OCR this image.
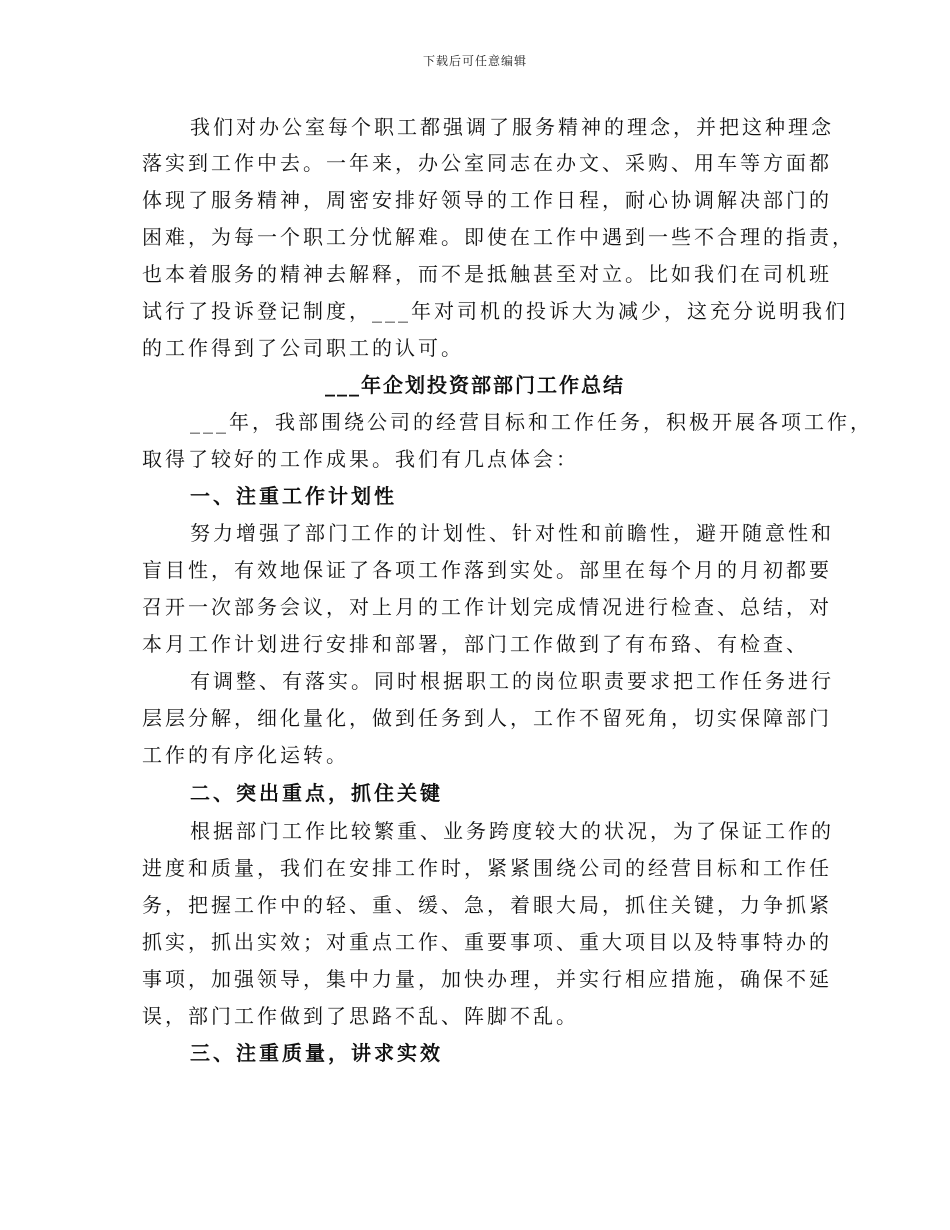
下载后可任意编辑
我们对办公室每个职工都强调了服务精神的理念，并把这种理念
落实到工作中去。一年来，办公室同志在办文、采购、用车等方面都
体现了服务精神，周密安排好领导的工作日程，耐心协调解决部门的
困难，为每一个职工分忧解难。即使在工作中遇到一些不合理的指责，
也本着服务的精神去解释，而不是抵触甚至对立。比如我们在司机班
试行了投诉登记制度，___年对司机的投诉大为减少，这充分说明我们
的工作得到了公司职工的认可。
___年企划投资部部门工作总结
___年，我部围绕公司的经营目标和工作任务，积极开展各项工作，
取得了较好的工作成果。我们有几点体会：
一、注重工作计划性
努力增强了部门工作的计划性、针对性和前瞻性，避开随意性和
盲目性，有效地保证了各项工作落到实处。部里在每个月的月初都要
召开一次部务会议，对上月的工作计划完成情况进行检查、总结，对
本月工作计划进行安排和部署，部门工作做到了有布臵、有检查、
有调整、有落实。同时根据职工的岗位职责要求把工作任务进行
层层分解，细化量化，做到任务到人，工作不留死角，切实保障部门
工作的有序化运转。
二、突出重点，抓住关键
根据部门工作比较繁重、业务跨度较大的状况，为了保证工作的
进度和质量，我们在安排工作时，紧紧围绕公司的经营目标和工作任
务，把握工作中的轻、重、缓、急，着眼大局，抓住关键，力争抓紧
抓实，抓出实效；对重点工作、重要事项、重大项目以及特事特办的
事项，加强领导，集中力量，加快办理，并实行相应措施，确保不延
误，部门工作做到了思路不乱、阵脚不乱。
三、注重质量，讲求实效
